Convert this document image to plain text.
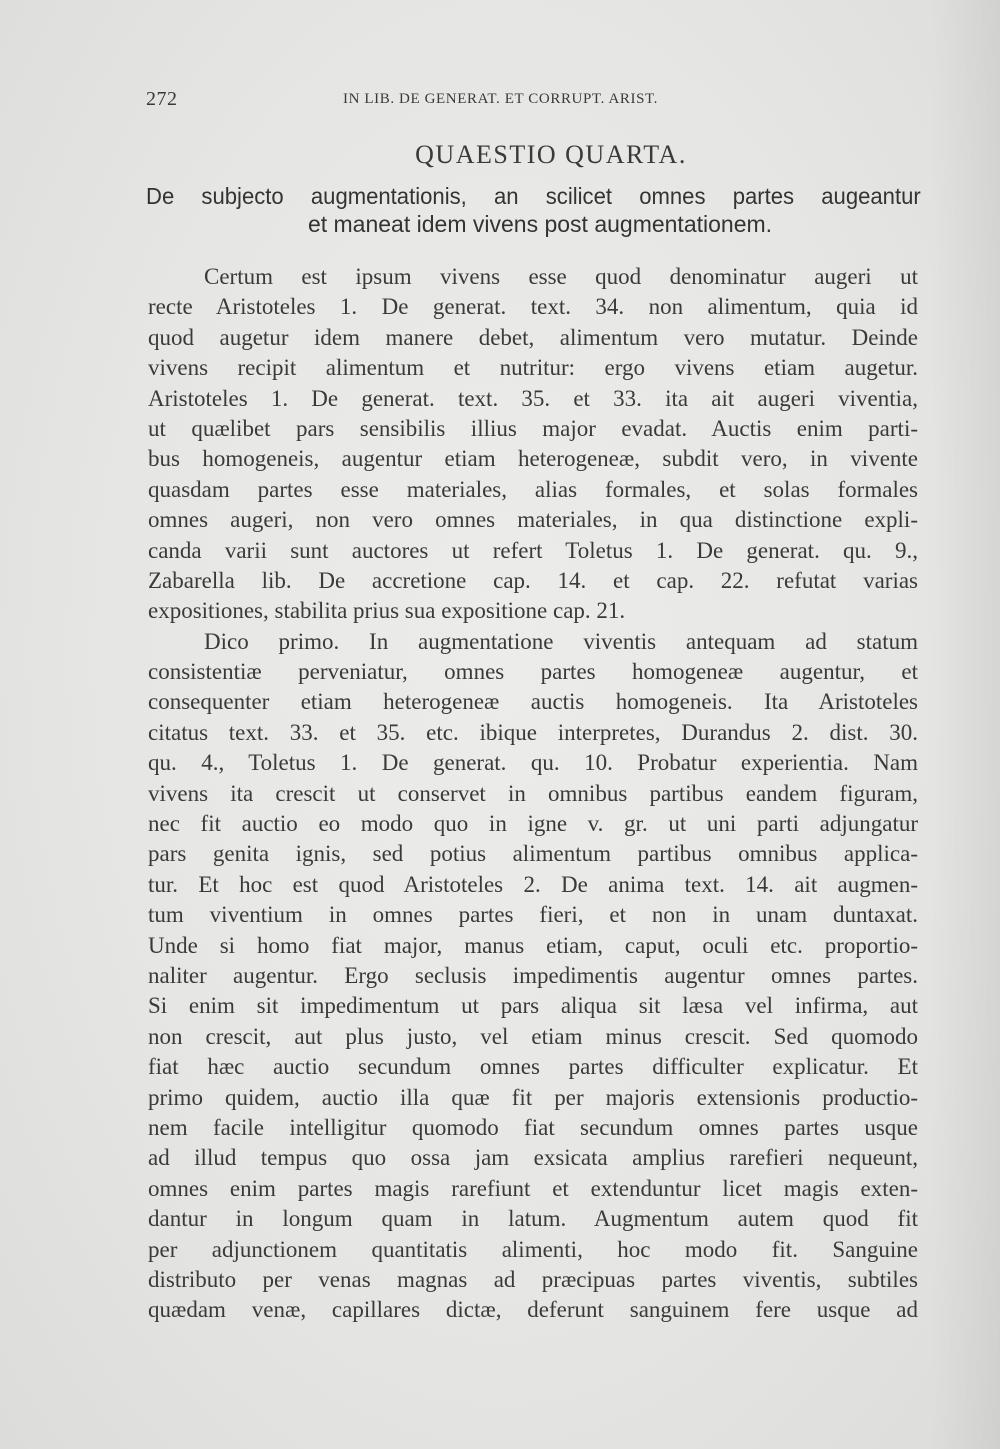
272	IN LIB. DE GENERAT. ET CORRUPT. ARIST.
QUAESTIO QUARTA.
De subjecto augmentationis, an scilicet omnes partes augeantur
et maneat idem vivens post augmentationem.
Certum est ipsum vivens esse quod denominatur augeri ut
recte Aristoteles 1. De generat. text. 34. non alimentum, quia id
quod augetur idem manere debet, alimentum vero mutatur. Deinde
vivens recipit alimentum et nutritur: ergo vivens etiam augetur.
Aristoteles 1. De generat. text. 35. et 33. ita ait augeri viventia,
ut quælibet pars sensibilis illius major evadat. Auctis enim parti-
bus homogeneis, augentur etiam heterogeneæ, subdit vero, in vivente
quasdam partes esse materiales, alias formales, et solas formales
omnes augeri, non vero omnes materiales, in qua distinctione expli-
canda varii sunt auctores ut refert Toletus 1. De generat. qu. 9.,
Zabarella lib. De accretione cap. 14. et cap. 22. refutat varias
expositiones, stabilita prius sua expositione cap. 21.
Dico primo. In augmentatione viventis antequam ad statum
consistentiæ perveniatur, omnes partes homogeneæ augentur, et
consequenter etiam heterogeneæ auctis homogeneis. Ita Aristoteles
citatus text. 33. et 35. etc. ibique interpretes, Durandus 2. dist. 30.
qu. 4., Toletus 1. De generat. qu. 10. Probatur experientia. Nam
vivens ita crescit ut conservet in omnibus partibus eandem figuram,
nec fit auctio eo modo quo in igne v. gr. ut uni parti adjungatur
pars genita ignis, sed potius alimentum partibus omnibus applica-
tur. Et hoc est quod Aristoteles 2. De anima text. 14. ait augmen-
tum viventium in omnes partes fieri, et non in unam duntaxat.
Unde si homo fiat major, manus etiam, caput, oculi etc. proportio-
naliter augentur. Ergo seclusis impedimentis augentur omnes partes.
Si enim sit impedimentum ut pars aliqua sit læsa vel infirma, aut
non crescit, aut plus justo, vel etiam minus crescit. Sed quomodo
fiat hæc auctio secundum omnes partes difficulter explicatur. Et
primo quidem, auctio illa quæ fit per majoris extensionis productio-
nem facile intelligitur quomodo fiat secundum omnes partes usque
ad illud tempus quo ossa jam exsicata amplius rarefieri nequeunt,
omnes enim partes magis rarefiunt et extenduntur licet magis exten-
dantur in longum quam in latum. Augmentum autem quod fit
per adjunctionem quantitatis alimenti, hoc modo fit. Sanguine
distributo per venas magnas ad præcipuas partes viventis, subtiles
quædam venæ, capillares dictæ, deferunt sanguinem fere usque ad
